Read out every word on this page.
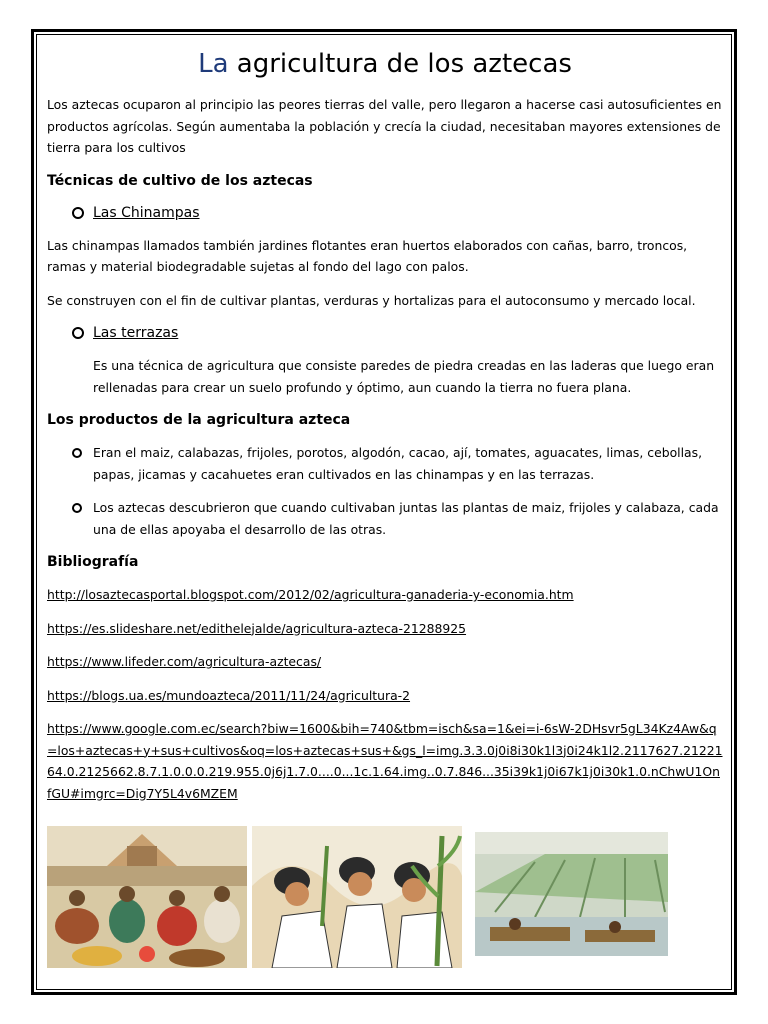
La agricultura de los aztecas

Los aztecas ocuparon al principio las peores tierras del valle, pero llegaron a hacerse casi autosuficientes en productos agrícolas. Según aumentaba la población y crecía la ciudad, necesitaban mayores extensiones de tierra para los cultivos

Técnicas de cultivo de los aztecas
Las Chinampas

Las chinampas llamados también jardines flotantes eran huertos elaborados con cañas, barro, troncos, ramas y material biodegradable sujetas al fondo del lago con palos.

Se construyen con el fin de cultivar plantas, verduras y hortalizas para el autoconsumo y mercado local.

Las terrazas

Es una técnica de agricultura que consiste paredes de piedra creadas en las laderas que luego eran rellenadas para crear un suelo profundo y óptimo, aun cuando la tierra no fuera plana.

Los productos de la agricultura azteca
Eran el maiz, calabazas, frijoles, porotos, algodón, cacao, ají, tomates, aguacates, limas, cebollas, papas, jicamas y cacahuetes eran cultivados en las chinampas y en las terrazas.
Los aztecas descubrieron que cuando cultivaban juntas las plantas de maiz, frijoles y calabaza, cada una de ellas apoyaba el desarrollo de las otras.
Bibliografía
http://losaztecasportal.blogspot.com/2012/02/agricultura-ganaderia-y-economia.htm
https://es.slideshare.net/edithelejalde/agricultura-azteca-21288925
https://www.lifeder.com/agricultura-aztecas/
https://blogs.ua.es/mundoazteca/2011/11/24/agricultura-2
https://www.google.com.ec/search?biw=1600&bih=740&tbm=isch&sa=1&ei=i-6sW-2DHsvr5gL34Kz4Aw&q=los+aztecas+y+sus+cultivos&oq=los+aztecas+sus+&gs_l=img.3.3.0j0i8i30k1l3j0i24k1l2.2117627.2122164.0.2125662.8.7.1.0.0.0.219.955.0j6j1.7.0....0...1c.1.64.img..0.7.846...35i39k1j0i67k1j0i30k1.0.nChwU1OnfGU#imgrc=Dig7Y5L4v6MZEM
